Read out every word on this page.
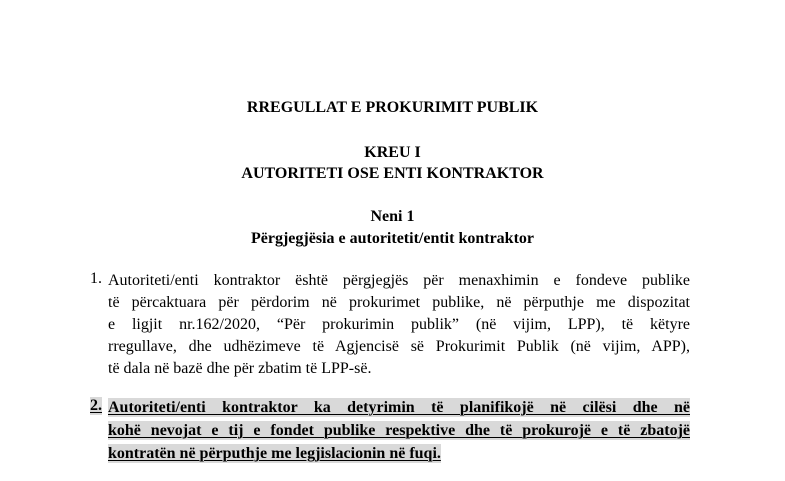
RREGULLAT E PROKURIMIT PUBLIK
KREU I
AUTORITETI OSE ENTI KONTRAKTOR
Neni 1
Përgjegjësia e autoritetit/entit kontraktor
1. Autoriteti/enti kontraktor është përgjegjës për menaxhimin e fondeve publike
të përcaktuara për përdorim në prokurimet publike, në përputhje me dispozitat
e ligjit nr.162/2020, “Për prokurimin publik” (në vijim, LPP), të këtyre
rregullave, dhe udhëzimeve të Agjencisë së Prokurimit Publik (në vijim, APP),
të dala në bazë dhe për zbatim të LPP-së.
2. Autoriteti/enti kontraktor ka detyrimin të planifikojë në cilësi dhe në
kohë nevojat e tij e fondet publike respektive dhe të prokurojë e të zbatojë
kontratën në përputhje me legjislacionin në fuqi.
